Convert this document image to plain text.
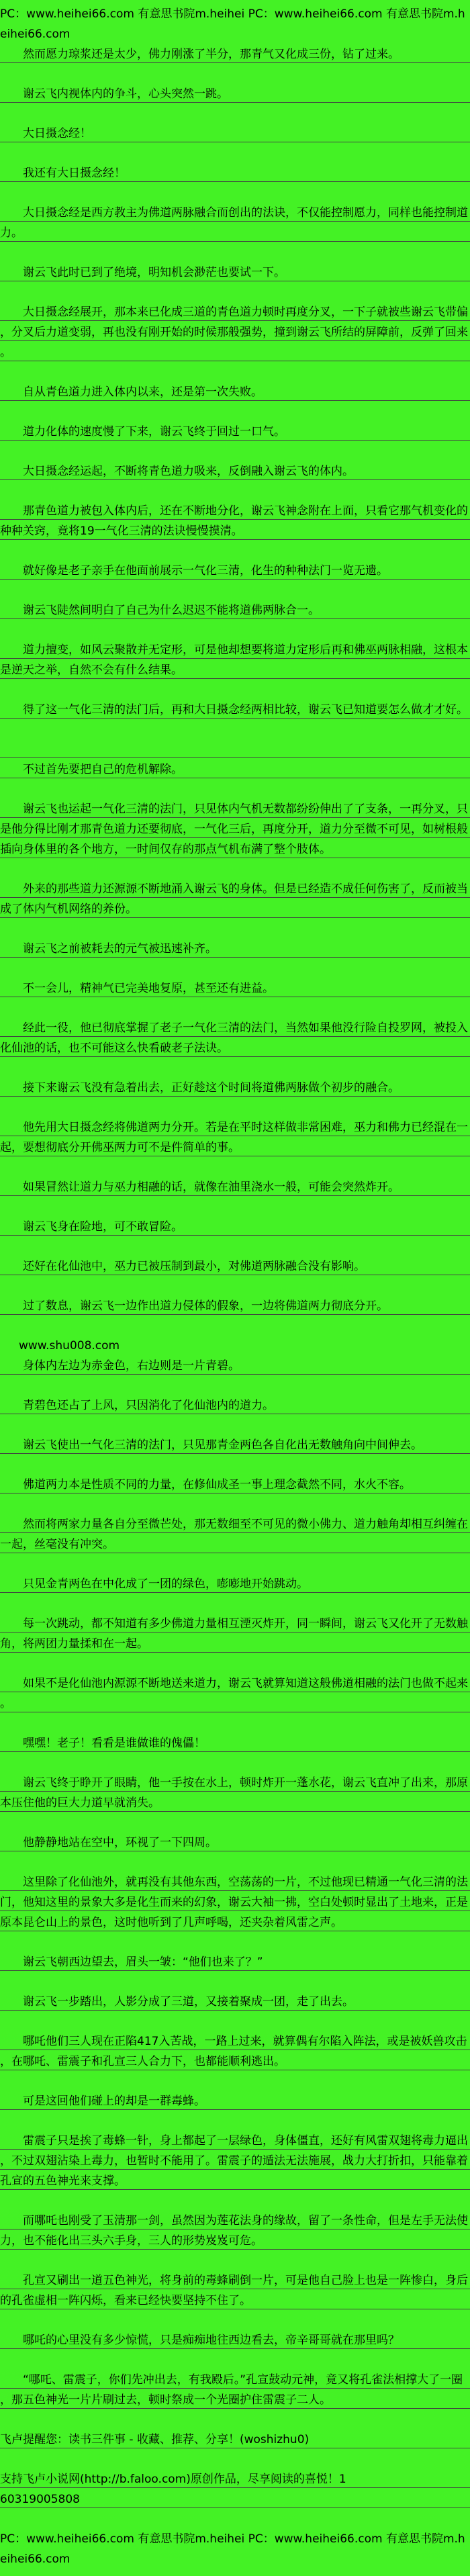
PC：www.heihei66.com 有意思书院m.heihei PC：www.heihei66.com 有意思书院m.heihei66.com

然而愿力琼浆还是太少，佛力刚涨了半分，那青气又化成三份，钻了过来。

谢云飞内视体内的争斗，心头突然一跳。

大日摄念经！

我还有大日摄念经！

大日摄念经是西方教主为佛道两脉融合而创出的法诀，不仅能控制愿力，同样也能控制道力。

谢云飞此时已到了绝境，明知机会渺茫也要试一下。

大日摄念经展开，那本来已化成三道的青色道力顿时再度分叉，一下子就被些谢云飞带偏，分叉后力道变弱，再也没有刚开始的时候那般强势，撞到谢云飞所结的屏障前，反弹了回来。

自从青色道力进入体内以来，还是第一次失败。

道力化体的速度慢了下来，谢云飞终于回过一口气。

大日摄念经运起，不断将青色道力吸来，反倒融入谢云飞的体内。

那青色道力被包入体内后，还在不断地分化，谢云飞神念附在上面，只看它那气机变化的种种关窍，竟将19一气化三清的法诀慢慢摸清。

就好像是老子亲手在他面前展示一气化三清，化生的种种法门一览无遗。

谢云飞陡然间明白了自己为什么迟迟不能将道佛两脉合一。

道力擅变，如风云聚散并无定形，可是他却想要将道力定形后再和佛巫两脉相融，这根本是逆天之举，自然不会有什么结果。

得了这一气化三清的法门后，再和大日摄念经两相比较，谢云飞已知道要怎么做才才好。

不过首先要把自己的危机解除。

谢云飞也运起一气化三清的法门，只见体内气机无数都纷纷伸出了了支条，一再分叉，只是他分得比刚才那青色道力还要彻底，一气化三后，再度分开，道力分至微不可见，如树根般插向身体里的各个地方，一时间仅存的那点气机布满了整个肢体。

外来的那些道力还源源不断地涌入谢云飞的身体。但是已经造不成任何伤害了，反而被当成了体内气机网络的养份。

谢云飞之前被耗去的元气被迅速补齐。

不一会儿，精神气已完美地复原，甚至还有进益。

经此一役，他已彻底掌握了老子一气化三清的法门，当然如果他没行险自投罗网，被投入化仙池的话，也不可能这么快看破老子法诀。

接下来谢云飞没有急着出去，正好趁这个时间将道佛两脉做个初步的融合。

他先用大日摄念经将佛道两力分开。若是在平时这样做非常困难，巫力和佛力已经混在一起，要想彻底分开佛巫两力可不是件简单的事。

如果冒然让道力与巫力相融的话，就像在油里浇水一般，可能会突然炸开。

谢云飞身在险地，可不敢冒险。

还好在化仙池中，巫力已被压制到最小，对佛道两脉融合没有影响。

过了数息，谢云飞一边作出道力侵体的假象，一边将佛道两力彻底分开。

www.shu008.com

身体内左边为赤金色，右边则是一片青碧。

青碧色还占了上风，只因消化了化仙池内的道力。

谢云飞使出一气化三清的法门，只见那青金两色各自化出无数触角向中间伸去。

佛道两力本是性质不同的力量，在修仙成圣一事上理念截然不同，水火不容。

然而将两家力量各自分至微芒处，那无数细至不可见的微小佛力、道力触角却相互纠缠在一起，丝毫没有冲突。

只见金青两色在中化成了一团的绿色，嘭嘭地开始跳动。

每一次跳动，都不知道有多少佛道力量相互湮灭炸开，同一瞬间，谢云飞又化开了无数触角，将两团力量揉和在一起。

如果不是化仙池内源源不断地送来道力，谢云飞就算知道这般佛道相融的法门也做不起来。

嘿嘿！老子！看看是谁做谁的傀儡！

谢云飞终于睁开了眼睛，他一手按在水上，顿时炸开一蓬水花，谢云飞直冲了出来，那原本压住他的巨大力道早就消失。

他静静地站在空中，环视了一下四周。

这里除了化仙池外，就再没有其他东西，空荡荡的一片，不过他现已精通一气化三清的法门，他知这里的景象大多是化生而来的幻象，谢云大袖一拂，空白处顿时显出了土地来，正是原本昆仑山上的景色，这时他听到了几声呼喝，还夹杂着风雷之声。

谢云飞朝西边望去，眉头一皱：“他们也来了？”

谢云飞一步踏出，人影分成了三道，又接着聚成一团，走了出去。

哪吒他们三人现在正陷417入苦战，一路上过来，就算偶有尔陷入阵法，或是被妖兽攻击，在哪吒、雷震子和孔宣三人合力下，也都能顺利逃出。

可是这回他们碰上的却是一群毒蜂。

雷震子只是挨了毒蜂一针，身上都起了一层绿色，身体僵直，还好有风雷双翅将毒力逼出，不过双翅沾染上毒力，也暂时不能用了。雷震子的遁法无法施展，战力大打折扣，只能靠着孔宣的五色神光来支撑。

而哪吒也刚受了玉清那一剑，虽然因为莲花法身的缘故，留了一条性命，但是左手无法使力，也不能化出三头六手身，三人的形势岌岌可危。

孔宣又刷出一道五色神光，将身前的毒蜂刷倒一片，可是他自己脸上也是一阵惨白，身后的孔雀虚相一阵闪烁，看来已经快要坚持不住了。

哪吒的心里没有多少惊慌，只是痴痴地往西边看去，帝辛哥哥就在那里吗？

“哪吒、雷震子，你们先冲出去，有我殿后。”孔宣鼓动元神，竟又将孔雀法相撑大了一圈，那五色神光一片片刷过去，顿时祭成一个光圈护住雷震子二人。

飞卢提醒您：读书三件事 - 收藏、推荐、分享！(woshizhu0)

支持飞卢小说网(http://b.faloo.com)原创作品，尽享阅读的喜悦！1

60319005808

PC：www.heihei66.com 有意思书院m.heihei PC：www.heihei66.com 有意思书院m.heihei66.com
